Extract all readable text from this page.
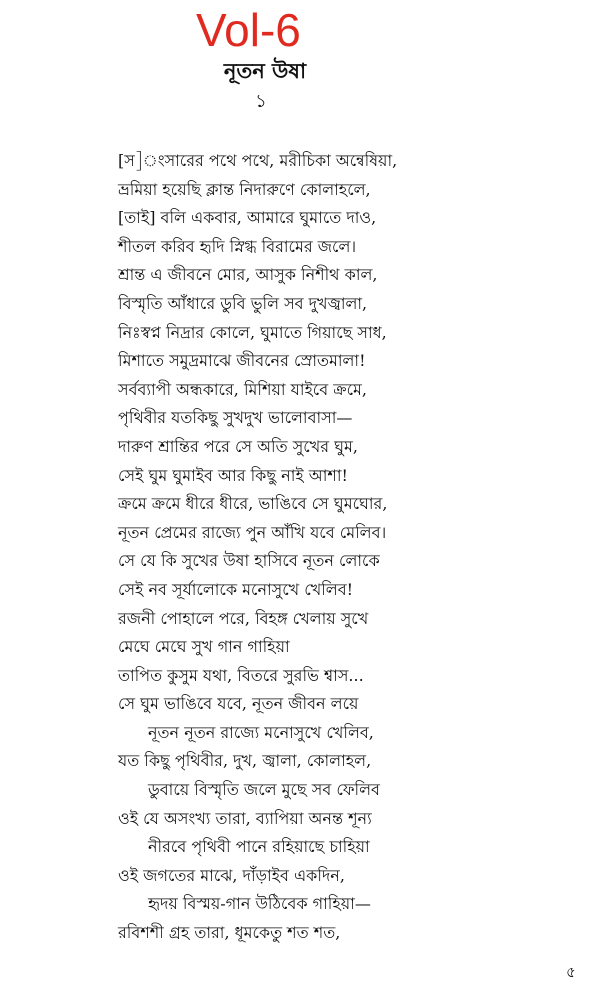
Vol-6
নূতন উষা
১
[স]ংসারের পথে পথে, মরীচিকা অন্বেষিয়া,
ভ্রমিয়া হয়েছি ক্লান্ত নিদারুণে কোলাহলে,
[তাই] বলি একবার, আমারে ঘুমাতে দাও,
শীতল করিব হৃদি স্নিগ্ধ বিরামের জলে।
শ্রান্ত এ জীবনে মোর, আসুক নিশীথ কাল,
বিস্মৃতি আঁধারে ডুবি ভুলি সব দুখজ্বালা,
নিঃস্বপ্ন নিদ্রার কোলে, ঘুমাতে গিয়াছে সাধ,
মিশাতে সমুদ্রমাঝে জীবনের স্রোতমালা!
সর্বব্যাপী অন্ধকারে, মিশিয়া যাইবে ক্রমে,
পৃথিবীর যতকিছু সুখদুখ ভালোবাসা—
দারুণ শ্রান্তির পরে সে অতি সুখের ঘুম,
সেই ঘুম ঘুমাইব আর কিছু নাই আশা!
ক্রমে ক্রমে ধীরে ধীরে, ভাঙিবে সে ঘুমঘোর,
নূতন প্রেমের রাজ্যে পুন আঁখি যবে মেলিব।
সে যে কি সুখের উষা হাসিবে নূতন লোকে
সেই নব সূর্যালোকে মনোসুখে খেলিব!
রজনী পোহালে পরে, বিহঙ্গ খেলায় সুখে
মেঘে মেঘে সুখ গান গাহিয়া
তাপিত কুসুম যথা, বিতরে সুরভি শ্বাস...
সে ঘুম ভাঙিবে যবে, নূতন জীবন লয়ে
নূতন নূতন রাজ্যে মনোসুখে খেলিব,
যত কিছু পৃথিবীর, দুখ, জ্বালা, কোলাহল,
ডুবায়ে বিস্মৃতি জলে মুছে সব ফেলিব
ওই যে অসংখ্য তারা, ব্যাপিয়া অনন্ত শূন্য
নীরবে পৃথিবী পানে রহিয়াছে চাহিয়া
ওই জগতের মাঝে, দাঁড়াইব একদিন,
হৃদয় বিস্ময়-গান উঠিবেক গাহিয়া—
রবিশশী গ্রহ তারা, ধূমকেতু শত শত,
৫
